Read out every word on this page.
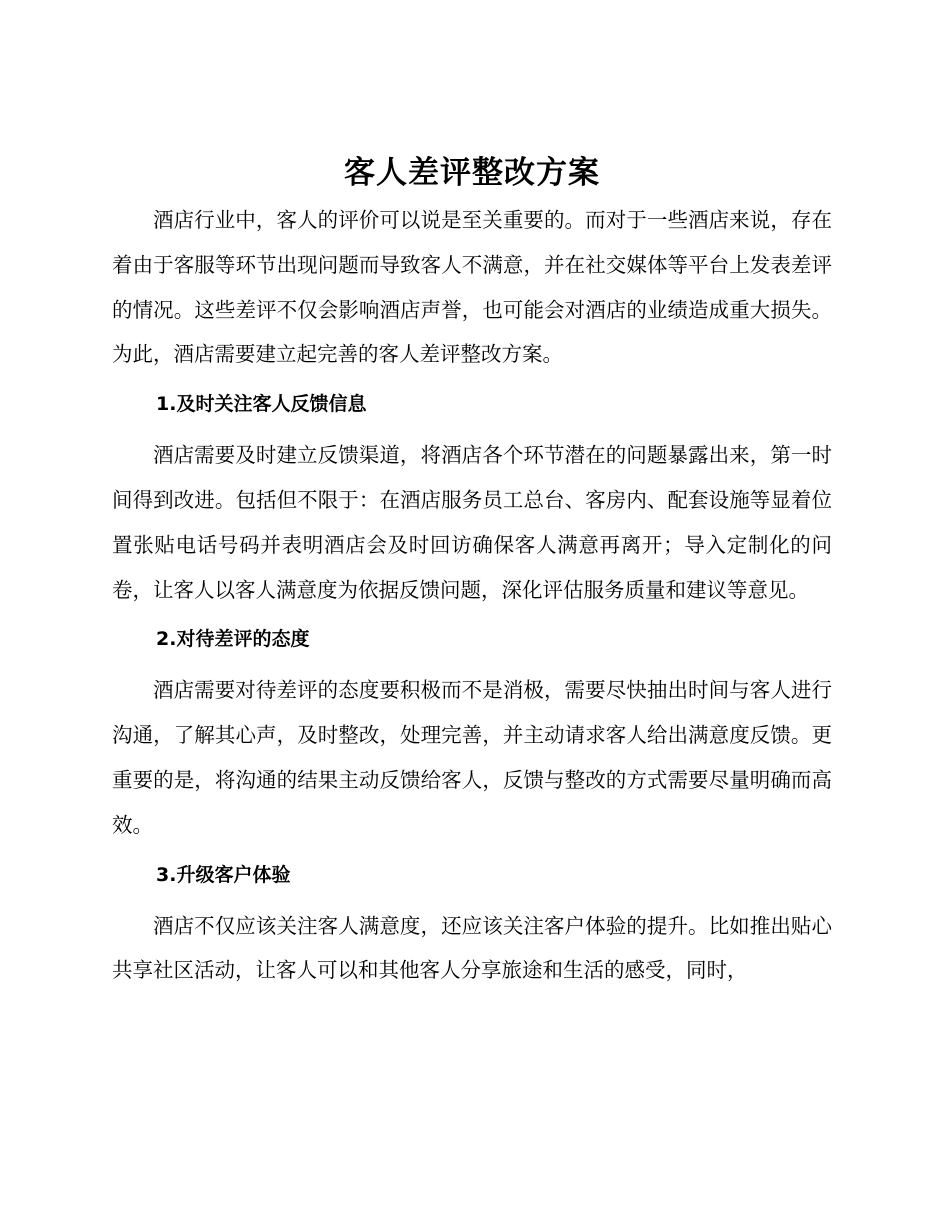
客人差评整改方案

酒店行业中，客人的评价可以说是至关重要的。而对于一些酒店来说，存在着由于客服等环节出现问题而导致客人不满意，并在社交媒体等平台上发表差评的情况。这些差评不仅会影响酒店声誉，也可能会对酒店的业绩造成重大损失。为此，酒店需要建立起完善的客人差评整改方案。

1.及时关注客人反馈信息

酒店需要及时建立反馈渠道，将酒店各个环节潜在的问题暴露出来，第一时间得到改进。包括但不限于：在酒店服务员工总台、客房内、配套设施等显着位置张贴电话号码并表明酒店会及时回访确保客人满意再离开；导入定制化的问卷，让客人以客人满意度为依据反馈问题，深化评估服务质量和建议等意见。

2.对待差评的态度

酒店需要对待差评的态度要积极而不是消极，需要尽快抽出时间与客人进行沟通，了解其心声，及时整改，处理完善，并主动请求客人给出满意度反馈。更重要的是，将沟通的结果主动反馈给客人，反馈与整改的方式需要尽量明确而高效。

3.升级客户体验

酒店不仅应该关注客人满意度，还应该关注客户体验的提升。比如推出贴心共享社区活动，让客人可以和其他客人分享旅途和生活的感受，同时，
